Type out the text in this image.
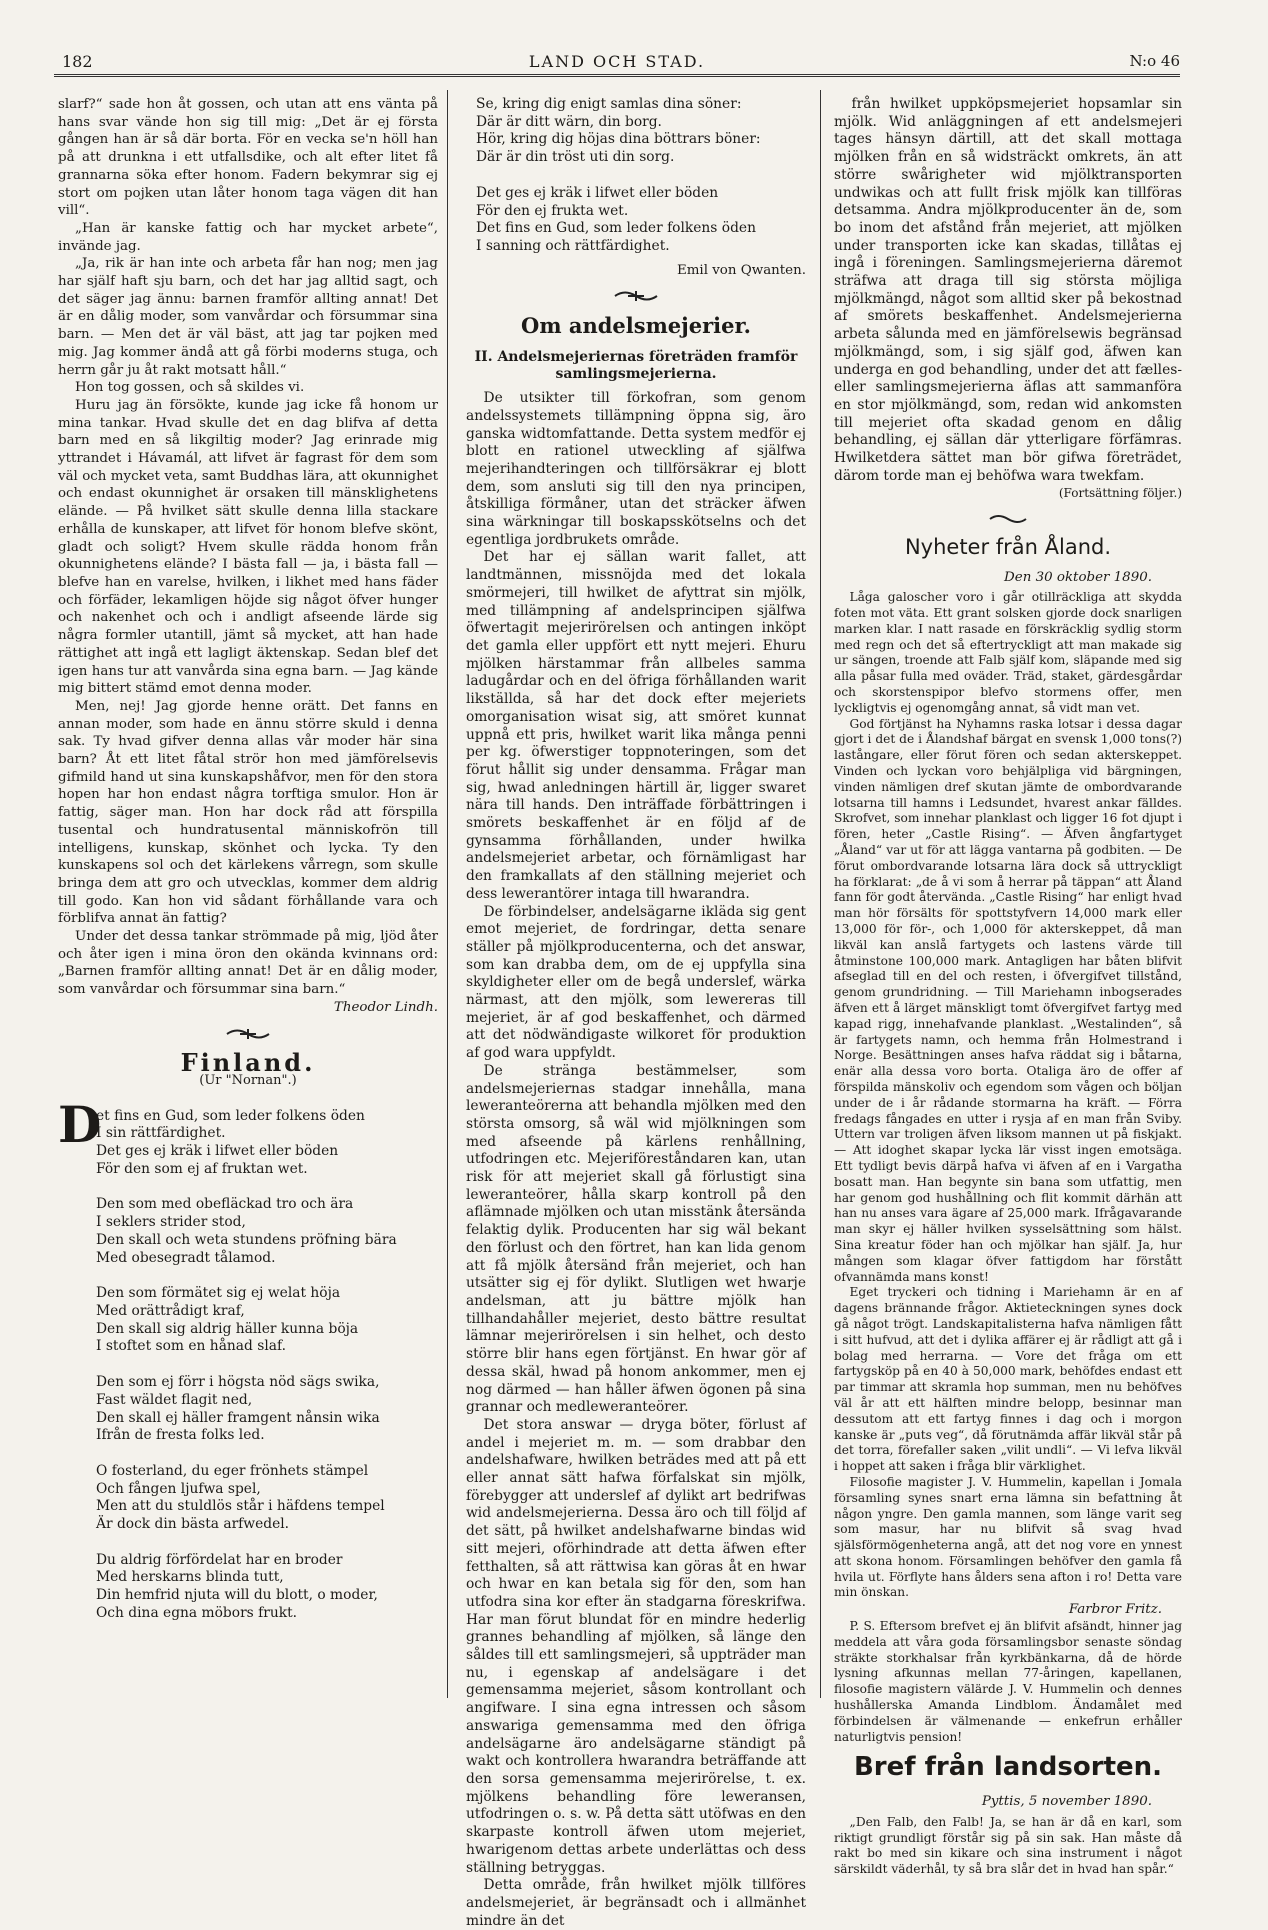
182	LAND OCH STAD.	N:o 46

slarf?“ sade hon åt gossen, och utan att ens vänta på hans svar vände hon sig till mig: „Det är ej första gången han är så där borta. För en vecka se'n höll han på att drunkna i ett utfallsdike, och alt efter litet få grannarna söka efter honom. Fadern bekymrar sig ej stort om pojken utan låter honom taga vägen dit han vill“.

„Han är kanske fattig och har mycket arbete“, invände jag.

„Ja, rik är han inte och arbeta får han nog; men jag har själf haft sju barn, och det har jag alltid sagt, och det säger jag ännu: barnen framför allting annat! Det är en dålig moder, som vanvårdar och försummar sina barn. — Men det är väl bäst, att jag tar pojken med mig. Jag kommer ändå att gå förbi moderns stuga, och herrn går ju åt rakt motsatt håll.“

Hon tog gossen, och så skildes vi.

Huru jag än försökte, kunde jag icke få honom ur mina tankar. Hvad skulle det en dag blifva af detta barn med en så likgiltig moder? Jag erinrade mig yttrandet i Hávamál, att lifvet är fagrast för dem som väl och mycket veta, samt Buddhas lära, att okunnighet och endast okunnighet är orsaken till mänsklighetens elände. — På hvilket sätt skulle denna lilla stackare erhålla de kunskaper, att lifvet för honom blefve skönt, gladt och soligt? Hvem skulle rädda honom från okunnighetens elände? I bästa fall — ja, i bästa fall — blefve han en varelse, hvilken, i likhet med hans fäder och förfäder, lekamligen höjde sig något öfver hunger och nakenhet och och i andligt afseende lärde sig några formler utantill, jämt så mycket, att han hade rättighet att ingå ett lagligt äktenskap. Sedan blef det igen hans tur att vanvårda sina egna barn. — Jag kände mig bittert stämd emot denna moder.

Men, nej! Jag gjorde henne orätt. Det fanns en annan moder, som hade en ännu större skuld i denna sak. Ty hvad gifver denna allas vår moder här sina barn? Åt ett litet fåtal strör hon med jämförelsevis gifmild hand ut sina kunskapshåfvor, men för den stora hopen har hon endast några torftiga smulor. Hon är fattig, säger man. Hon har dock råd att förspilla tusental och hundratusental människofrön till intelligens, kunskap, skönhet och lycka. Ty den kunskapens sol och det kärlekens vårregn, som skulle bringa dem att gro och utvecklas, kommer dem aldrig till godo. Kan hon vid sådant förhållande vara och förblifva annat än fattig?

Under det dessa tankar strömmade på mig, ljöd åter och åter igen i mina öron den okända kvinnans ord: „Barnen framför allting annat! Det är en dålig moder, som vanvårdar och försummar sina barn.“

Theodor Lindh.
Finland.
(Ur "Nornan".)
D
et fins en Gud, som leder folkens öden
I sin rättfärdighet.
Det ges ej kräk i lifwet eller böden
För den som ej af fruktan wet.
Den som med obefläckad tro och ära
I seklers strider stod,
Den skall och weta stundens pröfning bära
Med obesegradt tålamod.
Den som förmätet sig ej welat höja
Med orättrådigt kraf,
Den skall sig aldrig häller kunna böja
I stoftet som en hånad slaf.
Den som ej förr i högsta nöd sägs swika,
Fast wäldet flagit ned,
Den skall ej häller framgent nånsin wika
Ifrån de fresta folks led.
O fosterland, du eger frönhets stämpel
Och fången ljufwa spel,
Men att du stuldlös står i häfdens tempel
Är dock din bästa arfwedel.
Du aldrig förfördelat har en broder
Med herskarns blinda tutt,
Din hemfrid njuta will du blott, o moder,
Och dina egna möbors frukt.
Se, kring dig enigt samlas dina söner:
Där är ditt wärn, din borg.
Hör, kring dig höjas dina böttrars böner:
Där är din tröst uti din sorg.
Det ges ej kräk i lifwet eller böden
För den ej frukta wet.
Det fins en Gud, som leder folkens öden
I sanning och rättfärdighet.
Emil von Qwanten.
Om andelsmejerier.
II. Andelsmejeriernas företräden framför samlingsmejerierna.

De utsikter till förkofran, som genom andelssystemets tillämpning öppna sig, äro ganska widtomfattande. Detta system medför ej blott en rationel utweckling af själfwa mejerihandteringen och tillförsäkrar ej blott dem, som ansluti sig till den nya principen, åtskilliga förmåner, utan det sträcker äfwen sina wärkningar till boskapsskötselns och det egentliga jordbrukets område.

Det har ej sällan warit fallet, att landtmännen, missnöjda med det lokala smörmejeri, till hwilket de afyttrat sin mjölk, med tillämpning af andelsprincipen själfwa öfwertagit mejerirörelsen och antingen inköpt det gamla eller uppfört ett nytt mejeri. Ehuru mjölken härstammar från allbeles samma ladugårdar och en del öfriga förhållanden warit likställda, så har det dock efter mejeriets omorganisation wisat sig, att smöret kunnat uppnå ett pris, hwilket warit lika många penni per kg. öfwerstiger toppnoteringen, som det förut hållit sig under densamma. Frågar man sig, hwad anledningen härtill är, ligger swaret nära till hands. Den inträffade förbättringen i smörets beskaffenhet är en följd af de gynsamma förhållanden, under hwilka andelsmejeriet arbetar, och förnämligast har den framkallats af den ställning mejeriet och dess lewerantörer intaga till hwarandra.

De förbindelser, andelsägarne ikläda sig gent emot mejeriet, de fordringar, detta senare ställer på mjölkproducenterna, och det answar, som kan drabba dem, om de ej uppfylla sina skyldigheter eller om de begå underslef, wärka närmast, att den mjölk, som lewereras till mejeriet, är af god beskaffenhet, och därmed att det nödwändigaste wilkoret för produktion af god wara uppfyldt.

De stränga bestämmelser, som andelsmejeriernas stadgar innehålla, mana leweranteörerna att behandla mjölken med den största omsorg, så wäl wid mjölkningen som med afseende på kärlens renhållning, utfodringen etc. Mejeriföreståndaren kan, utan risk för att mejeriet skall gå förlustigt sina leweranteörer, hålla skarp kontroll på den aflämnade mjölken och utan misstänk återsända felaktig dylik. Producenten har sig wäl bekant den förlust och den förtret, han kan lida genom att få mjölk återsänd från mejeriet, och han utsätter sig ej för dylikt. Slutligen wet hwarje andelsman, att ju bättre mjölk han tillhandahåller mejeriet, desto bättre resultat lämnar mejerirörelsen i sin helhet, och desto större blir hans egen förtjänst. En hwar gör af dessa skäl, hwad på honom ankommer, men ej nog därmed — han håller äfwen ögonen på sina grannar och medleweranteörer.

Det stora answar — dryga böter, förlust af andel i mejeriet m. m. — som drabbar den andelshafware, hwilken beträdes med att på ett eller annat sätt hafwa förfalskat sin mjölk, förebygger att underslef af dylikt art bedrifwas wid andelsmejerierna. Dessa äro och till följd af det sätt, på hwilket andelshafwarne bindas wid sitt mejeri, oförhindrade att detta äfwen efter fetthalten, så att rättwisa kan göras åt en hwar och hwar en kan betala sig för den, som han utfodra sina kor efter än stadgarna föreskrifwa. Har man förut blundat för en mindre hederlig grannes behandling af mjölken, så länge den såldes till ett samlingsmejeri, så uppträder man nu, i egenskap af andelsägare i det gemensamma mejeriet, såsom kontrollant och angifware. I sina egna intressen och såsom answariga gemensamma med den öfriga andelsägarne äro andelsägarne ständigt på wakt och kontrollera hwarandra beträffande att den sorsa gemensamma mejerirörelse, t. ex. mjölkens behandling före leweransen, utfodringen o. s. w. På detta sätt utöfwas en den skarpaste kontroll äfwen utom mejeriet, hwarigenom dettas arbete underlättas och dess ställning betryggas.

Detta område, från hwilket mjölk tillföres andelsmejeriet, är begränsadt och i allmänhet mindre än det

från hwilket uppköpsmejeriet hopsamlar sin mjölk. Wid anläggningen af ett andelsmejeri tages hänsyn därtill, att det skall mottaga mjölken från en så widsträckt omkrets, än att större swårigheter wid mjölktransporten undwikas och att fullt frisk mjölk kan tillföras detsamma. Andra mjölkproducenter än de, som bo inom det afstånd från mejeriet, att mjölken under transporten icke kan skadas, tillåtas ej ingå i föreningen. Samlingsmejerierna däremot sträfwa att draga till sig största möjliga mjölkmängd, något som alltid sker på bekostnad af smörets beskaffenhet. Andelsmejerierna arbeta sålunda med en jämförelsewis begränsad mjölkmängd, som, i sig själf god, äfwen kan underga en god behandling, under det att fælles- eller samlingsmejerierna äflas att sammanföra en stor mjölkmängd, som, redan wid ankomsten till mejeriet ofta skadad genom en dålig behandling, ej sällan där ytterligare förfämras. Hwilketdera sättet man bör gifwa företrädet, därom torde man ej behöfwa wara twekfam.

(Fortsättning följer.)
Nyheter från Åland.
Den 30 oktober 1890.

Låga galoscher voro i går otillräckliga att skydda foten mot väta. Ett grant solsken gjorde dock snarligen marken klar. I natt rasade en förskräcklig sydlig storm med regn och det så eftertryckligt att man makade sig ur sängen, troende att Falb själf kom, släpande med sig alla påsar fulla med oväder. Träd, staket, gärdesgårdar och skorstenspipor blefvo stormens offer, men lyckligtvis ej ogenomgång annat, så vidt man vet.

God förtjänst ha Nyhamns raska lotsar i dessa dagar gjort i det de i Ålandshaf bärgat en svensk 1,000 tons(?) lastångare, eller förut fören och sedan akterskeppet. Vinden och lyckan voro behjälpliga vid bärgningen, vinden nämligen dref skutan jämte de ombordvarande lotsarna till hamns i Ledsundet, hvarest ankar fälldes. Skrofvet, som innehar planklast och ligger 16 fot djupt i fören, heter „Castle Rising“. — Äfven ångfartyget „Åland“ var ut för att lägga vantarna på godbiten. — De förut ombordvarande lotsarna lära dock så uttryckligt ha förklarat: „de å vi som å herrar på täppan“ att Åland fann för godt återvända. „Castle Rising“ har enligt hvad man hör försälts för spottstyfvern 14,000 mark eller 13,000 för för-, och 1,000 för akterskeppet, då man likväl kan anslå fartygets och lastens värde till åtminstone 100,000 mark. Antagligen har båten blifvit afseglad till en del och resten, i öfvergifvet tillstånd, genom grundridning. — Till Mariehamn inbogserades äfven ett å lärget mänskligt tomt öfvergifvet fartyg med kapad rigg, innehafvande planklast. „Westalinden“, så är fartygets namn, och hemma från Holmestrand i Norge. Besättningen anses hafva räddat sig i båtarna, enär alla dessa voro borta. Otaliga äro de offer af förspilda mänskoliv och egendom som vågen och böljan under de i år rådande stormarna ha kräft. — Förra fredags fångades en utter i rysja af en man från Sviby. Uttern var troligen äfven liksom mannen ut på fiskjakt. — Att idoghet skapar lycka lär visst ingen emotsäga. Ett tydligt bevis därpå hafva vi äfven af en i Vargatha bosatt man. Han begynte sin bana som utfattig, men har genom god hushållning och flit kommit därhän att han nu anses vara ägare af 25,000 mark. Ifrågavarande man skyr ej häller hvilken sysselsättning som hälst. Sina kreatur föder han och mjölkar han själf. Ja, hur mången som klagar öfver fattigdom har förstått ofvannämda mans konst!

Eget tryckeri och tidning i Mariehamn är en af dagens brännande frågor. Aktieteckningen synes dock gå något trögt. Landskapitalisterna hafva nämligen fått i sitt hufvud, att det i dylika affärer ej är rådligt att gå i bolag med herrarna. — Vore det fråga om ett fartygsköp på en 40 à 50,000 mark, behöfdes endast ett par timmar att skramla hop summan, men nu behöfves väl år att ett hälften mindre belopp, besinnar man dessutom att ett fartyg finnes i dag och i morgon kanske är „puts veg“, då förutnämda affär likväl står på det torra, förefaller saken „vilit undli“. — Vi lefva likväl i hoppet att saken i fråga blir värklighet.

Filosofie magister J. V. Hummelin, kapellan i Jomala församling synes snart erna lämna sin befattning åt någon yngre. Den gamla mannen, som länge varit seg som masur, har nu blifvit så svag hvad själsförmögenheterna angå, att det nog vore en ynnest att skona honom. Församlingen behöfver den gamla få hvila ut. Förflyte hans ålders sena afton i ro! Detta vare min önskan.

Farbror Fritz.

P. S. Eftersom brefvet ej än blifvit afsändt, hinner jag meddela att våra goda församlingsbor senaste söndag sträkte storkhalsar från kyrkbänkarna, då de hörde lysning afkunnas mellan 77-åringen, kapellanen, filosofie magistern välärde J. V. Hummelin och dennes hushållerska Amanda Lindblom. Ändamålet med förbindelsen är välmenande — enkefrun erhåller naturligtvis pension!

Bref från landsorten.
Pyttis, 5 november 1890.

„Den Falb, den Falb! Ja, se han är då en karl, som riktigt grundligt förstår sig på sin sak. Han måste då rakt bo med sin kikare och sina instrument i något särskildt väderhål, ty så bra slår det in hvad han spår.“
